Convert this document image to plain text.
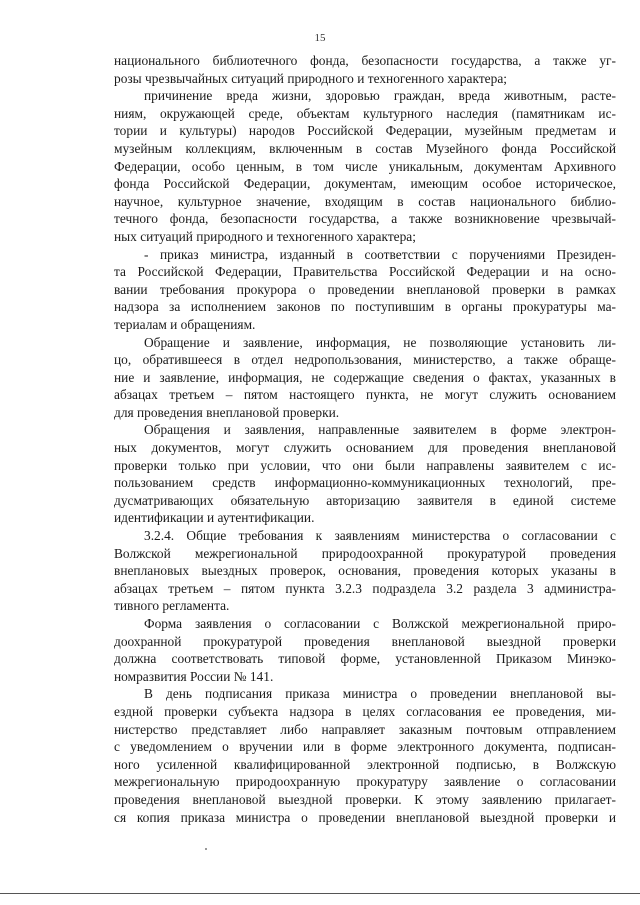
15
национального библиотечного фонда, безопасности государства, а также уг-
розы чрезвычайных ситуаций природного и техногенного характера;
причинение вреда жизни, здоровью граждан, вреда животным, расте-
ниям, окружающей среде, объектам культурного наследия (памятникам ис-
тории и культуры) народов Российской Федерации, музейным предметам и
музейным коллекциям, включенным в состав Музейного фонда Российской
Федерации, особо ценным, в том числе уникальным, документам Архивного
фонда Российской Федерации, документам, имеющим особое историческое,
научное, культурное значение, входящим в состав национального библио-
течного фонда, безопасности государства, а также возникновение чрезвычай-
ных ситуаций природного и техногенного характера;
- приказ министра, изданный в соответствии с поручениями Президен-
та Российской Федерации, Правительства Российской Федерации и на осно-
вании требования прокурора о проведении внеплановой проверки в рамках
надзора за исполнением законов по поступившим в органы прокуратуры ма-
териалам и обращениям.
Обращение и заявление, информация, не позволяющие установить ли-
цо, обратившееся в отдел недропользования, министерство, а также обраще-
ние и заявление, информация, не содержащие сведения о фактах, указанных в
абзацах третьем – пятом настоящего пункта, не могут служить основанием
для проведения внеплановой проверки.
Обращения и заявления, направленные заявителем в форме электрон-
ных документов, могут служить основанием для проведения внеплановой
проверки только при условии, что они были направлены заявителем с ис-
пользованием средств информационно-коммуникационных технологий, пре-
дусматривающих обязательную авторизацию заявителя в единой системе
идентификации и аутентификации.
3.2.4. Общие требования к заявлениям министерства о согласовании с
Волжской межрегиональной природоохранной прокуратурой проведения
внеплановых выездных проверок, основания, проведения которых указаны в
абзацах третьем – пятом пункта 3.2.3 подраздела 3.2 раздела 3 администра-
тивного регламента.
Форма заявления о согласовании с Волжской межрегиональной приро-
доохранной прокуратурой проведения внеплановой выездной проверки
должна соответствовать типовой форме, установленной Приказом Минэко-
номразвития России № 141.
В день подписания приказа министра о проведении внеплановой вы-
ездной проверки субъекта надзора в целях согласования ее проведения, ми-
нистерство представляет либо направляет заказным почтовым отправлением
с уведомлением о вручении или в форме электронного документа, подписан-
ного усиленной квалифицированной электронной подписью, в Волжскую
межрегиональную природоохранную прокуратуру заявление о согласовании
проведения внеплановой выездной проверки. К этому заявлению прилагает-
ся копия приказа министра о проведении внеплановой выездной проверки и
